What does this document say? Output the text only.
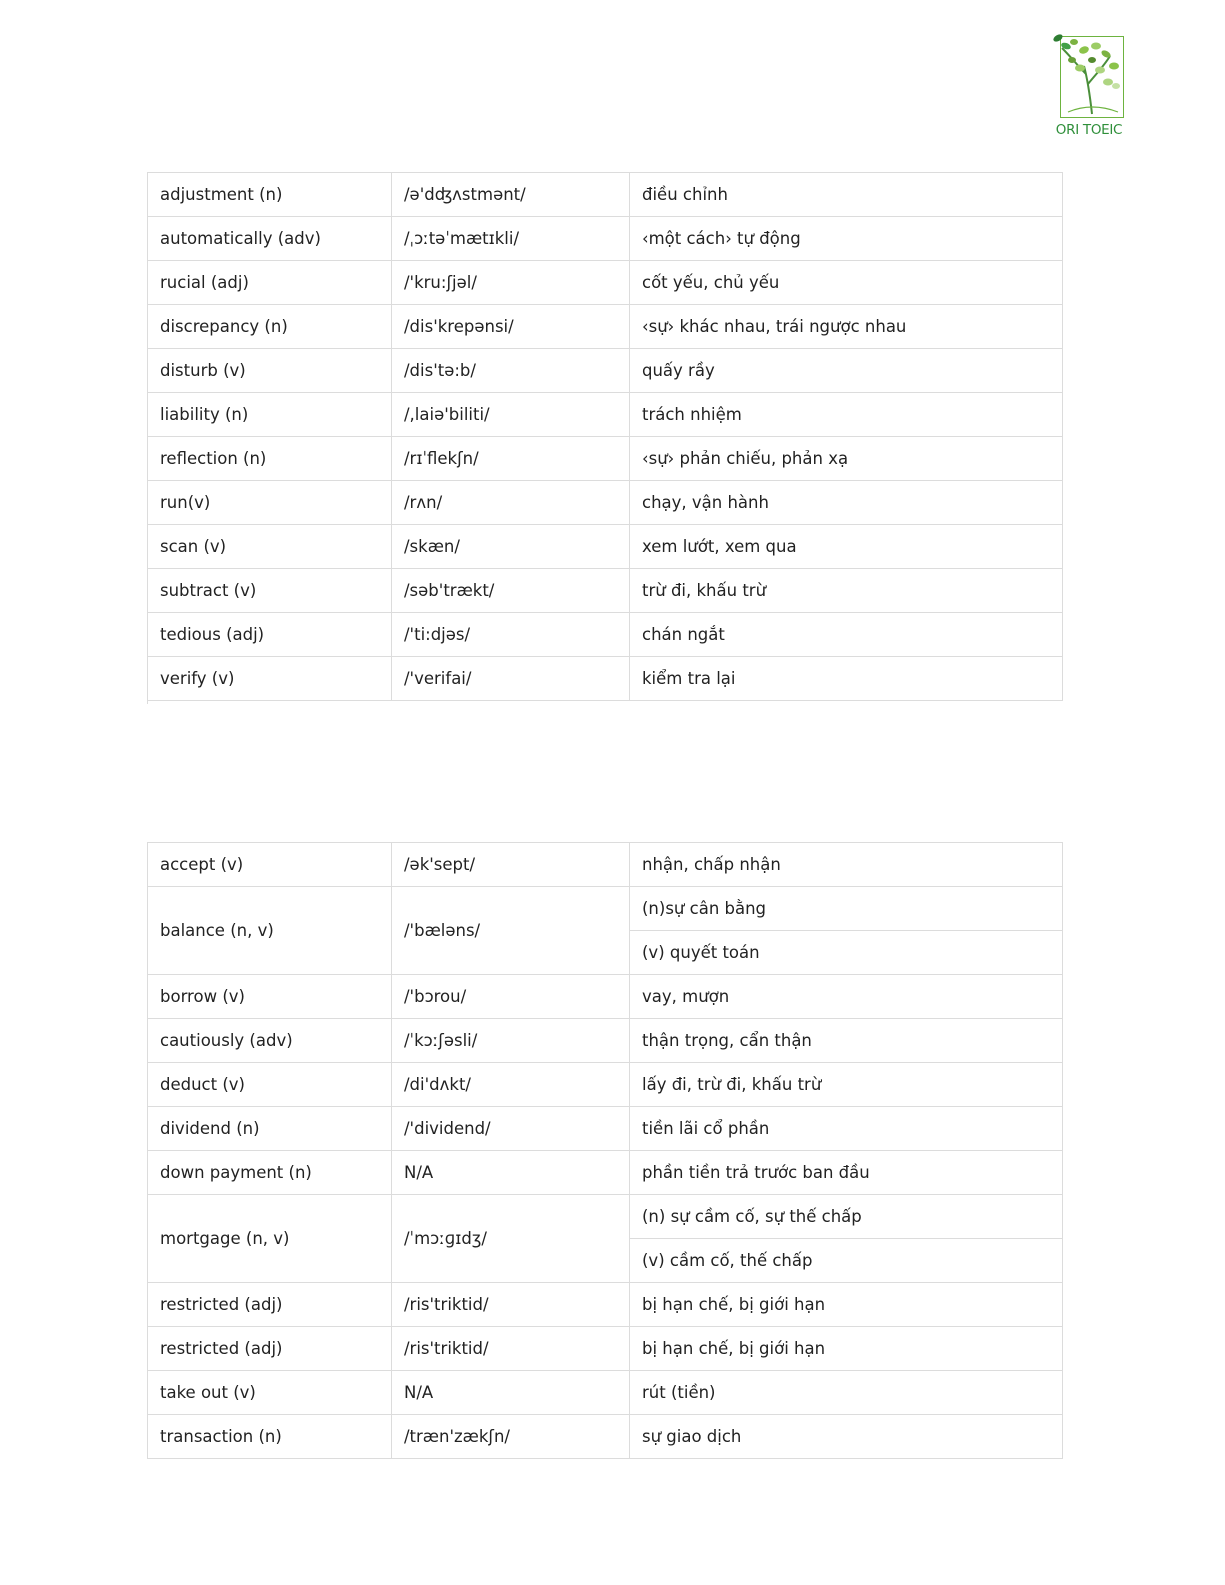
ORI TOEIC
adjustment (n)	/ə'dʤʌstmənt/	điều chỉnh
automatically (adv)	/ˌɔːtəˈmætɪkli/	‹một cách› tự động
rucial (adj)	/'kru:ʃjəl/	cốt yếu, chủ yếu
discrepancy (n)	/dis'krepənsi/	‹sự› khác nhau, trái ngược nhau
disturb (v)	/dis'tə:b/	quấy rầy
liability (n)	/,laiə'biliti/	trách nhiệm
reflection (n)	/rɪˈflekʃn/	‹sự› phản chiếu, phản xạ
run(v)	/rʌn/	chạy, vận hành
scan (v)	/skæn/	xem lướt, xem qua
subtract (v)	/səb'trækt/	trừ đi, khấu trừ
tedious (adj)	/'ti:djəs/	chán ngắt
verify (v)	/'verifai/	kiểm tra lại
accept (v)	/ək'sept/	nhận, chấp nhận
balance (n, v)	/'bæləns/	(n)sự cân bằng
		(v) quyết toán
borrow (v)	/'bɔrou/	vay, mượn
cautiously (adv)	/ˈkɔːʃəsli/	thận trọng, cẩn thận
deduct (v)	/di'dʌkt/	lấy đi, trừ đi, khấu trừ
dividend (n)	/'dividend/	tiền lãi cổ phần
down payment (n)	N/A	phần tiền trả trước ban đầu
mortgage (n, v)	/ˈmɔːɡɪdʒ/	(n) sự cầm cố, sự thế chấp
		(v) cầm cố, thế chấp
restricted (adj)	/ris'triktid/	bị hạn chế, bị giới hạn
restricted (adj)	/ris'triktid/	bị hạn chế, bị giới hạn
take out (v)	N/A	rút (tiền)
transaction (n)	/træn'zækʃn/	sự giao dịch
